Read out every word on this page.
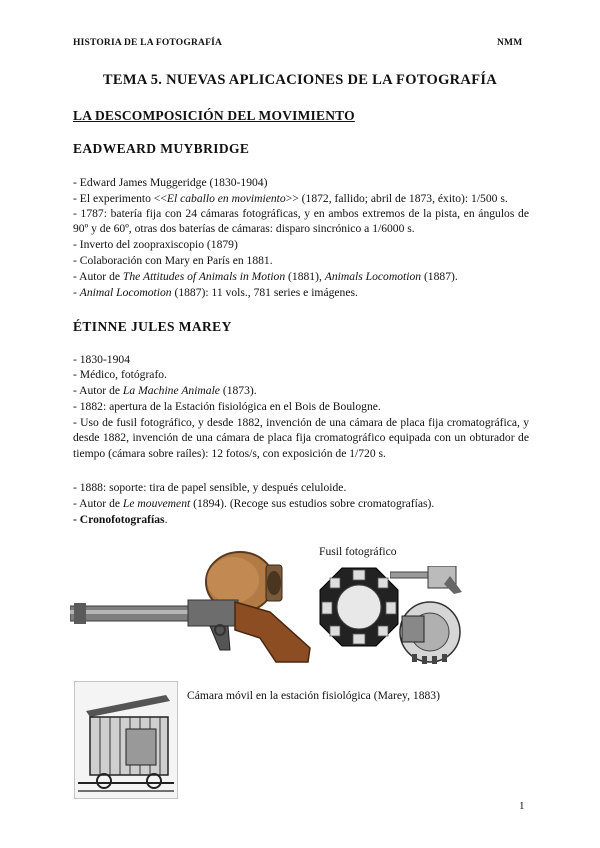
HISTORIA DE LA FOTOGRAFÍA	NMM
TEMA 5. NUEVAS APLICACIONES DE LA FOTOGRAFÍA
LA DESCOMPOSICIÓN DEL MOVIMIENTO
EADWEARD MUYBRIDGE
- Edward James Muggeridge (1830-1904)
- El experimento <<El caballo en movimiento>> (1872, fallido; abril de 1873, éxito): 1/500 s.
- 1787: batería fija con 24 cámaras fotográficas, y en ambos extremos de la pista, en ángulos de 90º y de 60º, otras dos baterías de cámaras: disparo sincrónico a 1/6000 s.
- Inverto del zoopraxiscopio (1879)
- Colaboración con Mary en París en 1881.
- Autor de The Attitudes of Animals in Motion (1881), Animals Locomotion (1887).
- Animal Locomotion (1887): 11 vols., 781 series e imágenes.
ÉTINNE JULES MAREY
- 1830-1904
- Médico, fotógrafo.
- Autor de La Machine Animale (1873).
- 1882: apertura de la Estación fisiológica en el Bois de Boulogne.
- Uso de fusil fotográfico, y desde 1882, invención de una cámara de placa fija cromatográfica, y desde 1882, invención de una cámara de placa fija cromatográfico equipada con un obturador de tiempo (cámara sobre raíles): 12 fotos/s, con exposición de 1/720 s.
- 1888: soporte: tira de papel sensible, y después celuloide.
- Autor de Le mouvement (1894). (Recoge sus estudios sobre cromatografías).
- Cronofotografías.
Fusil fotográfico
Cámara móvil en la estación fisiológica (Marey, 1883)
1
